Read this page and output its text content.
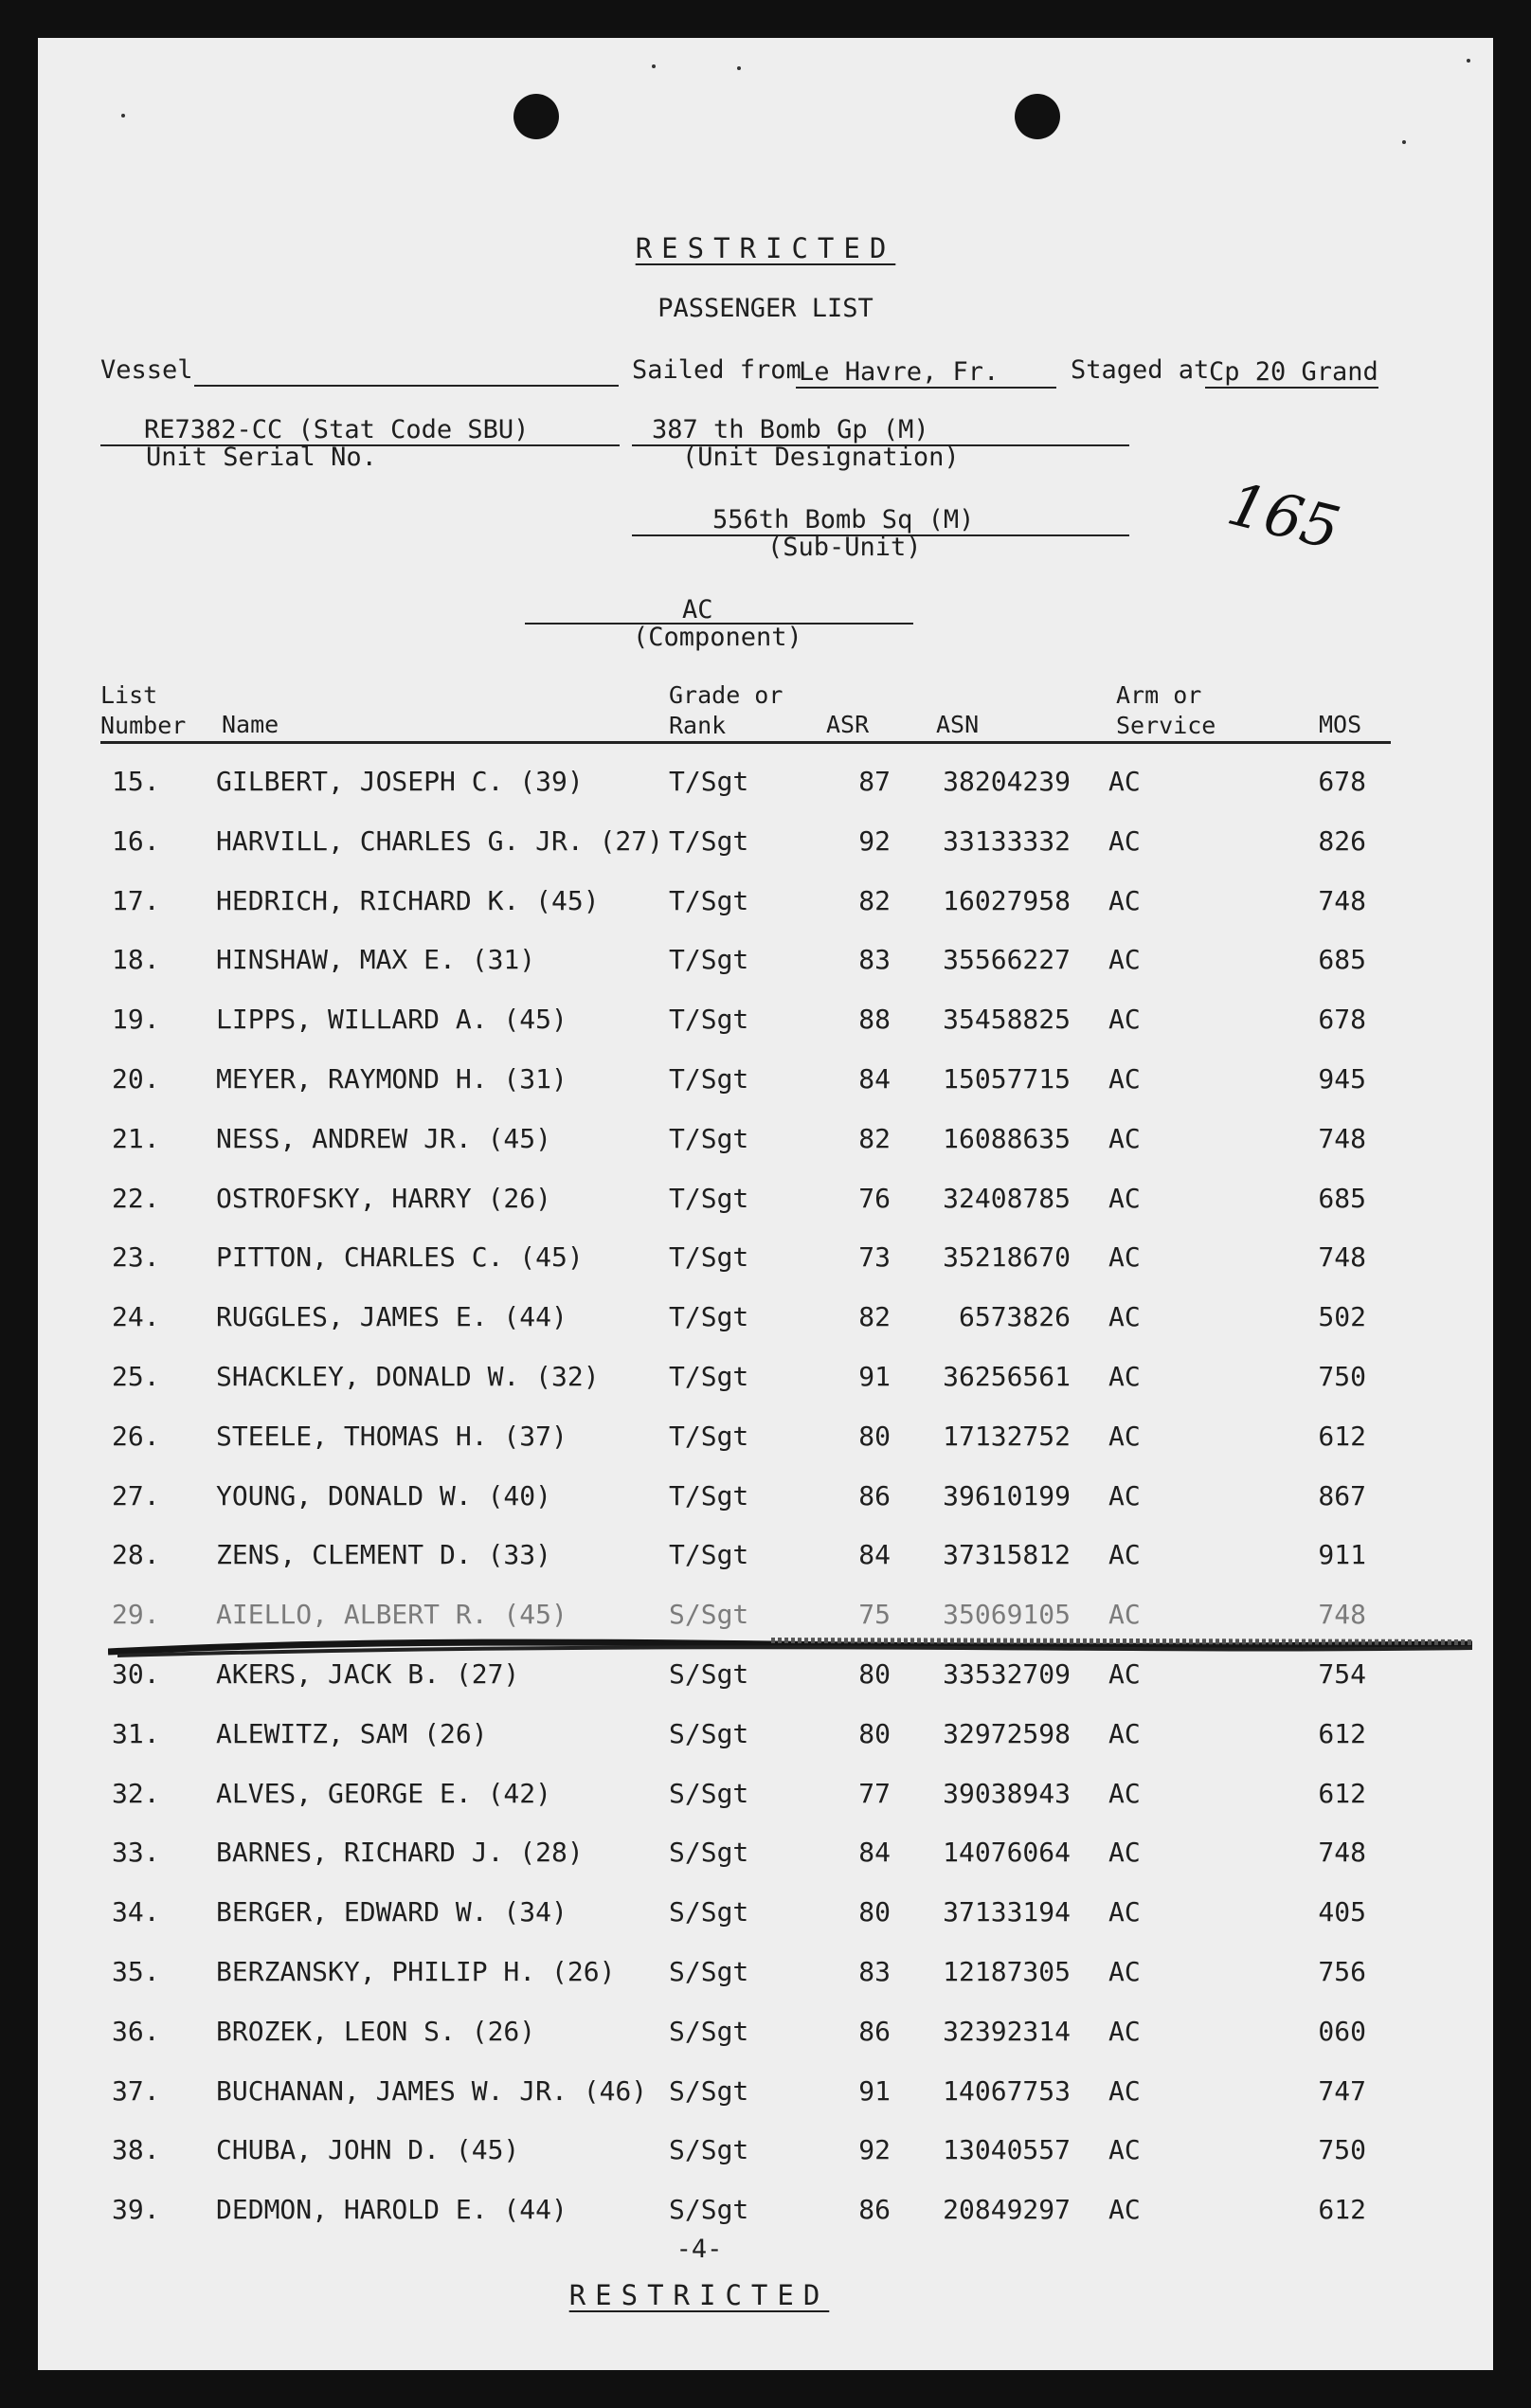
RESTRICTED
PASSENGER LIST
Vessel	Sailed from
Le Havre, Fr.	Staged at Cp 20 Grand
RE7382-CC (Stat Code SBU)
Unit Serial No.
387 th Bomb Gp (M)
(Unit Designation)
556th Bomb Sq (M)
(Sub-Unit)	165
AC
(Component)
List
Number Name
Grade or
Rank	ASR	ASN
Arm or
Service	MOS
15. GILBERT, JOSEPH C. (39)	T/Sgt	87	38204239 AC	678
16. HARVILL, CHARLES G. JR. (27) T/Sgt	92	33133332 AC	826
17. HEDRICH, RICHARD K. (45)	T/Sgt	82	16027958 AC	748
18. HINSHAW, MAX E. (31)	T/Sgt	83	35566227 AC	685
19. LIPPS, WILLARD A. (45)	T/Sgt	88	35458825 AC	678
20. MEYER, RAYMOND H. (31)	T/Sgt	84	15057715 AC	945
21. NESS, ANDREW JR. (45)	T/Sgt	82	16088635 AC	748
22. OSTROFSKY, HARRY (26)	T/Sgt	76	32408785 AC	685
23. PITTON, CHARLES C. (45)	T/Sgt	73	35218670 AC	748
24. RUGGLES, JAMES E. (44)	T/Sgt	82	6573826 AC	502
25. SHACKLEY, DONALD W. (32)	T/Sgt	91	36256561 AC	750
26. STEELE, THOMAS H. (37)	T/Sgt	80	17132752 AC	612
27. YOUNG, DONALD W. (40)	T/Sgt	86	39610199 AC	867
28. ZENS, CLEMENT D. (33)	T/Sgt	84	37315812 AC	911
29. AIELLO, ALBERT R. (45)	S/Sgt	75	35069105 AC	748
30. AKERS, JACK B. (27)	S/Sgt	80	33532709 AC	754
31. ALEWITZ, SAM (26)	S/Sgt	80	32972598 AC	612
32. ALVES, GEORGE E. (42)	S/Sgt	77	39038943 AC	612
33. BARNES, RICHARD J. (28)	S/Sgt	84	14076064 AC	748
34. BERGER, EDWARD W. (34)	S/Sgt	80	37133194 AC	405
35. BERZANSKY, PHILIP H. (26) S/Sgt	83	12187305 AC	756
36. BROZEK, LEON S. (26)	S/Sgt	86	32392314 AC	060
37. BUCHANAN, JAMES W. JR. (46) S/Sgt	91	14067753 AC	747
38. CHUBA, JOHN D. (45)	S/Sgt	92	13040557 AC	750
39. DEDMON, HAROLD E. (44)	S/Sgt	86	20849297 AC	612
-4-
RESTRICTED
